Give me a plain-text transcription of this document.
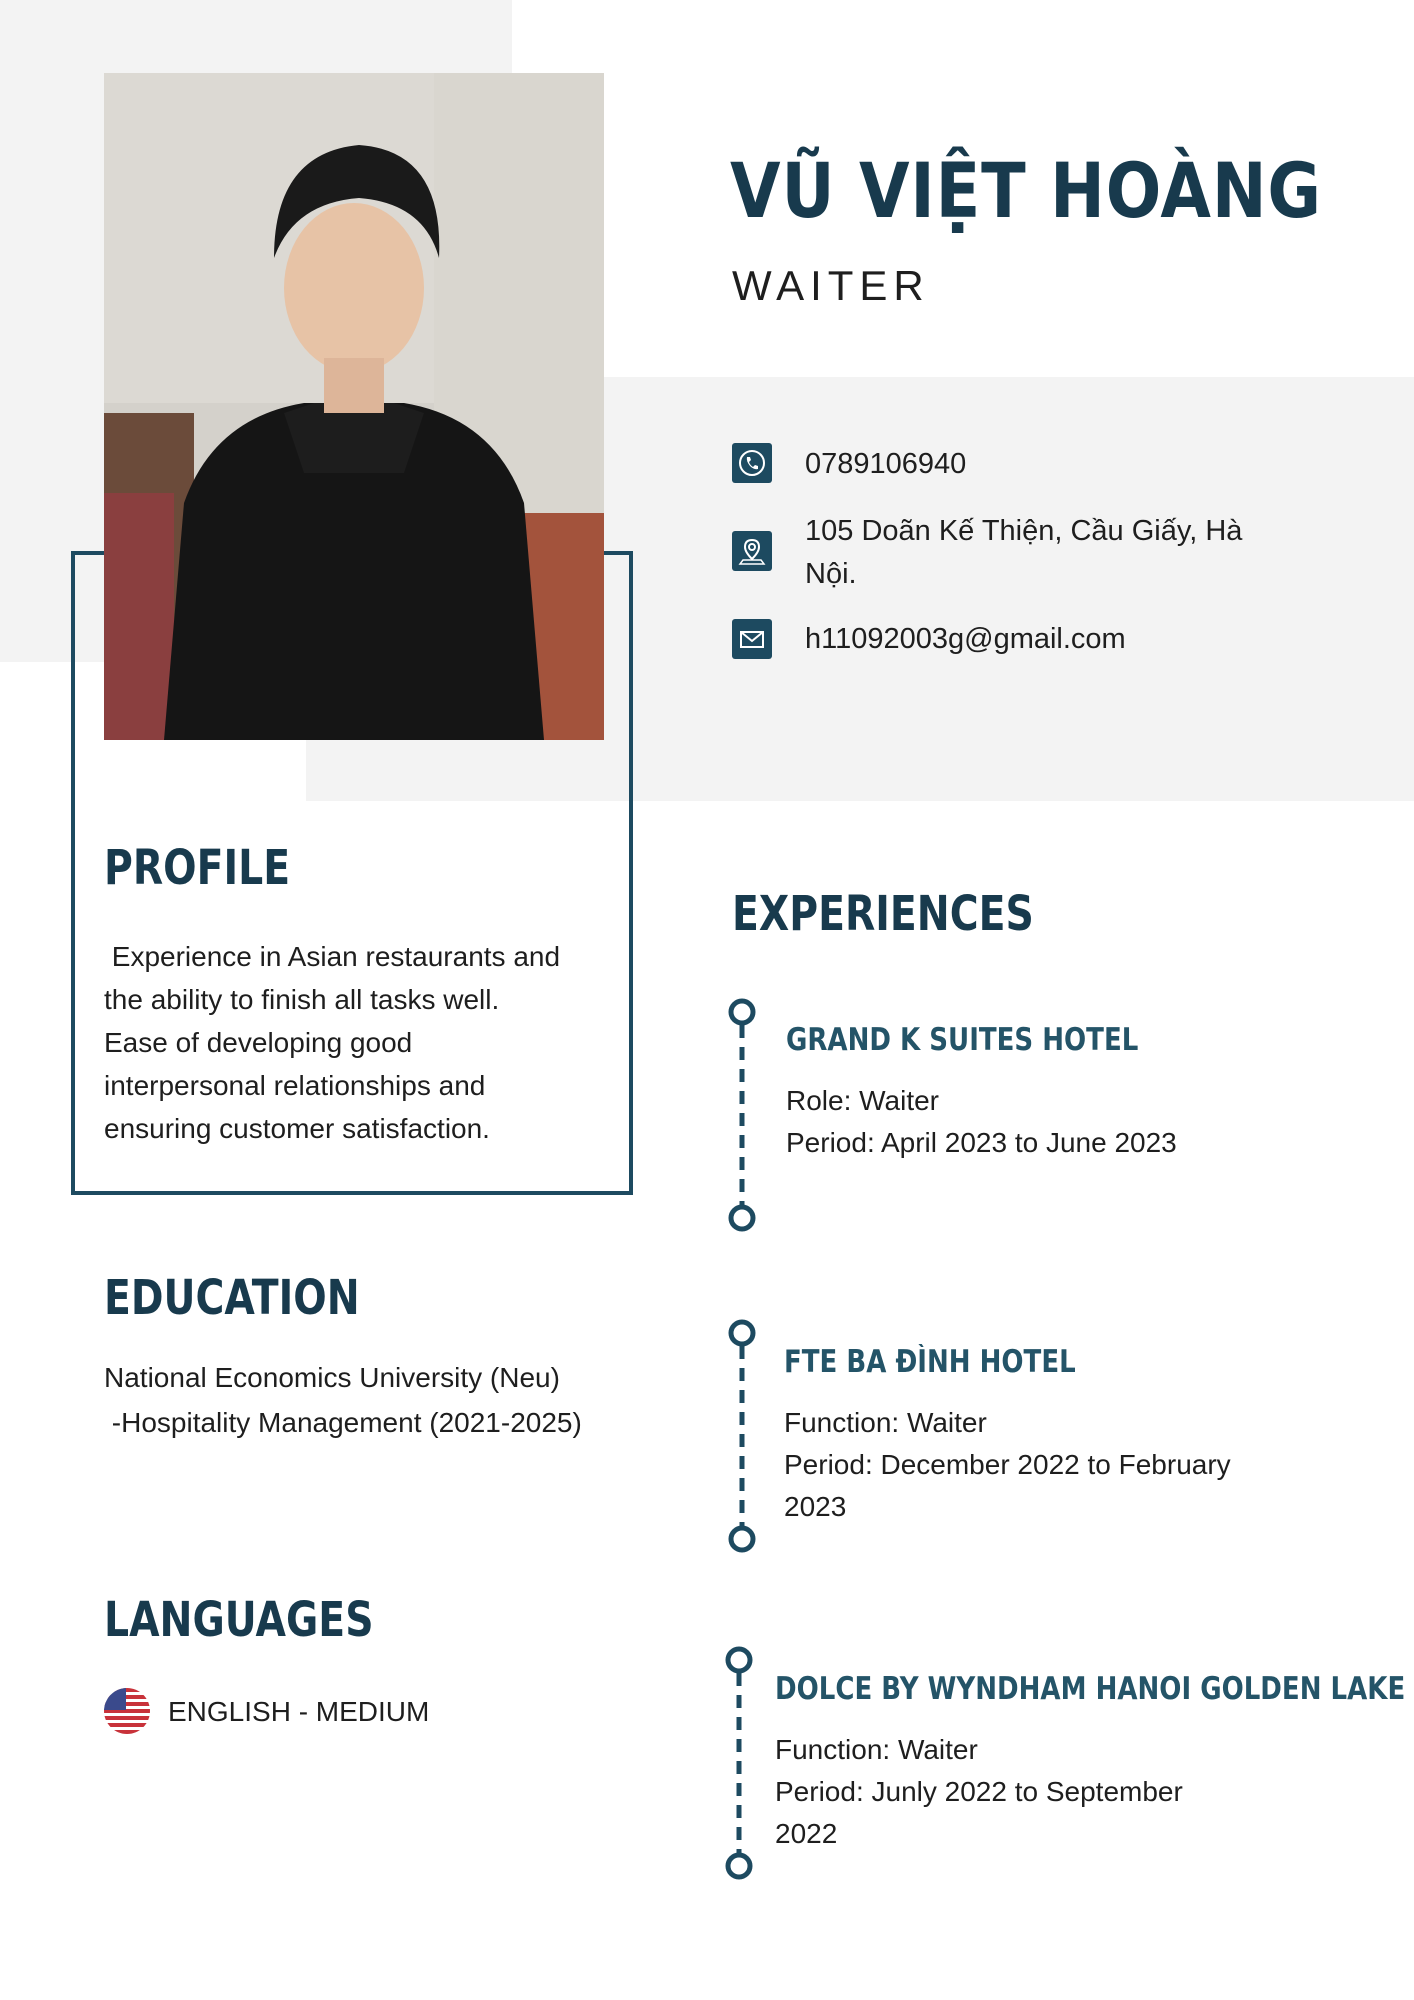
VŨ VIỆT HOÀNG
WAITER
0789106940
105 Doãn Kế Thiện, Cầu Giấy, Hà
Nội.
h11092003g@gmail.com
PROFILE
Experience in Asian restaurants and
the ability to finish all tasks well.
Ease of developing good
interpersonal relationships and
ensuring customer satisfaction.
EDUCATION
National Economics University (Neu)
-Hospitality Management (2021-2025)
LANGUAGES
ENGLISH - MEDIUM
EXPERIENCES
GRAND K SUITES HOTEL
Role: Waiter
Period: April 2023 to June 2023
FTE BA ĐÌNH HOTEL
Function: Waiter
Period: December 2022 to February
2023
DOLCE BY WYNDHAM HANOI GOLDEN LAKE
Function: Waiter
Period: Junly 2022 to September
2022
